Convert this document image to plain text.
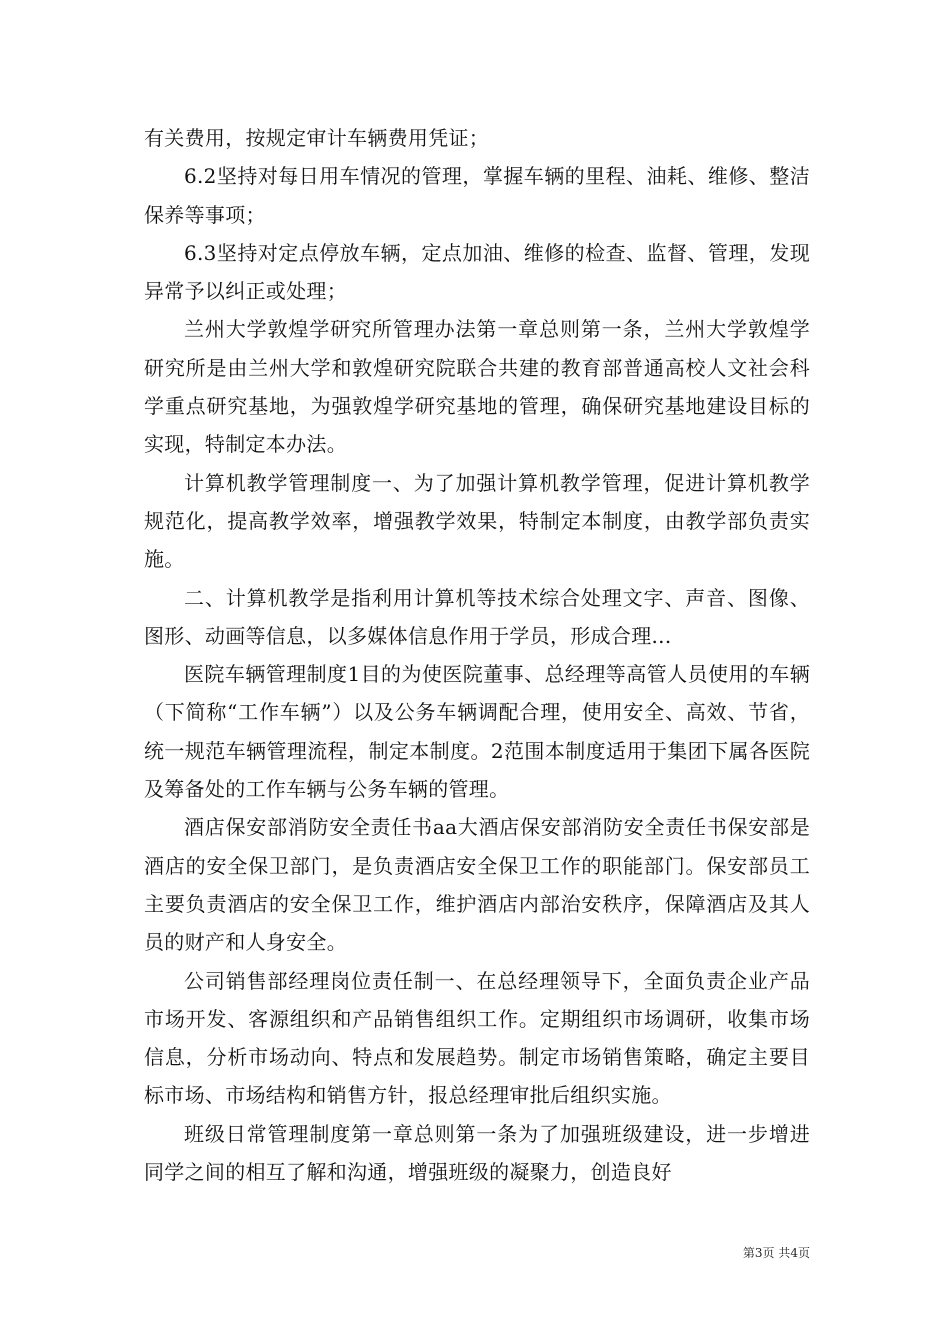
有关费用，按规定审计车辆费用凭证；

6.2坚持对每日用车情况的管理，掌握车辆的里程、油耗、维修、整洁保养等事项；

6.3坚持对定点停放车辆，定点加油、维修的检查、监督、管理，发现异常予以纠正或处理；

兰州大学敦煌学研究所管理办法第一章总则第一条，兰州大学敦煌学研究所是由兰州大学和敦煌研究院联合共建的教育部普通高校人文社会科学重点研究基地，为强敦煌学研究基地的管理，确保研究基地建设目标的实现，特制定本办法。

计算机教学管理制度一、为了加强计算机教学管理，促进计算机教学规范化，提高教学效率，增强教学效果，特制定本制度，由教学部负责实施。

二、计算机教学是指利用计算机等技术综合处理文字、声音、图像、图形、动画等信息，以多媒体信息作用于学员，形成合理...

医院车辆管理制度1目的为使医院董事、总经理等高管人员使用的车辆（下简称“工作车辆”）以及公务车辆调配合理，使用安全、高效、节省，统一规范车辆管理流程，制定本制度。2范围本制度适用于集团下属各医院及筹备处的工作车辆与公务车辆的管理。

酒店保安部消防安全责任书aa大酒店保安部消防安全责任书保安部是酒店的安全保卫部门，是负责酒店安全保卫工作的职能部门。保安部员工主要负责酒店的安全保卫工作，维护酒店内部治安秩序，保障酒店及其人员的财产和人身安全。

公司销售部经理岗位责任制一、在总经理领导下，全面负责企业产品市场开发、客源组织和产品销售组织工作。定期组织市场调研，收集市场信息，分析市场动向、特点和发展趋势。制定市场销售策略，确定主要目标市场、市场结构和销售方针，报总经理审批后组织实施。

班级日常管理制度第一章总则第一条为了加强班级建设，进一步增进同学之间的相互了解和沟通，增强班级的凝聚力，创造良好

第3页 共4页
